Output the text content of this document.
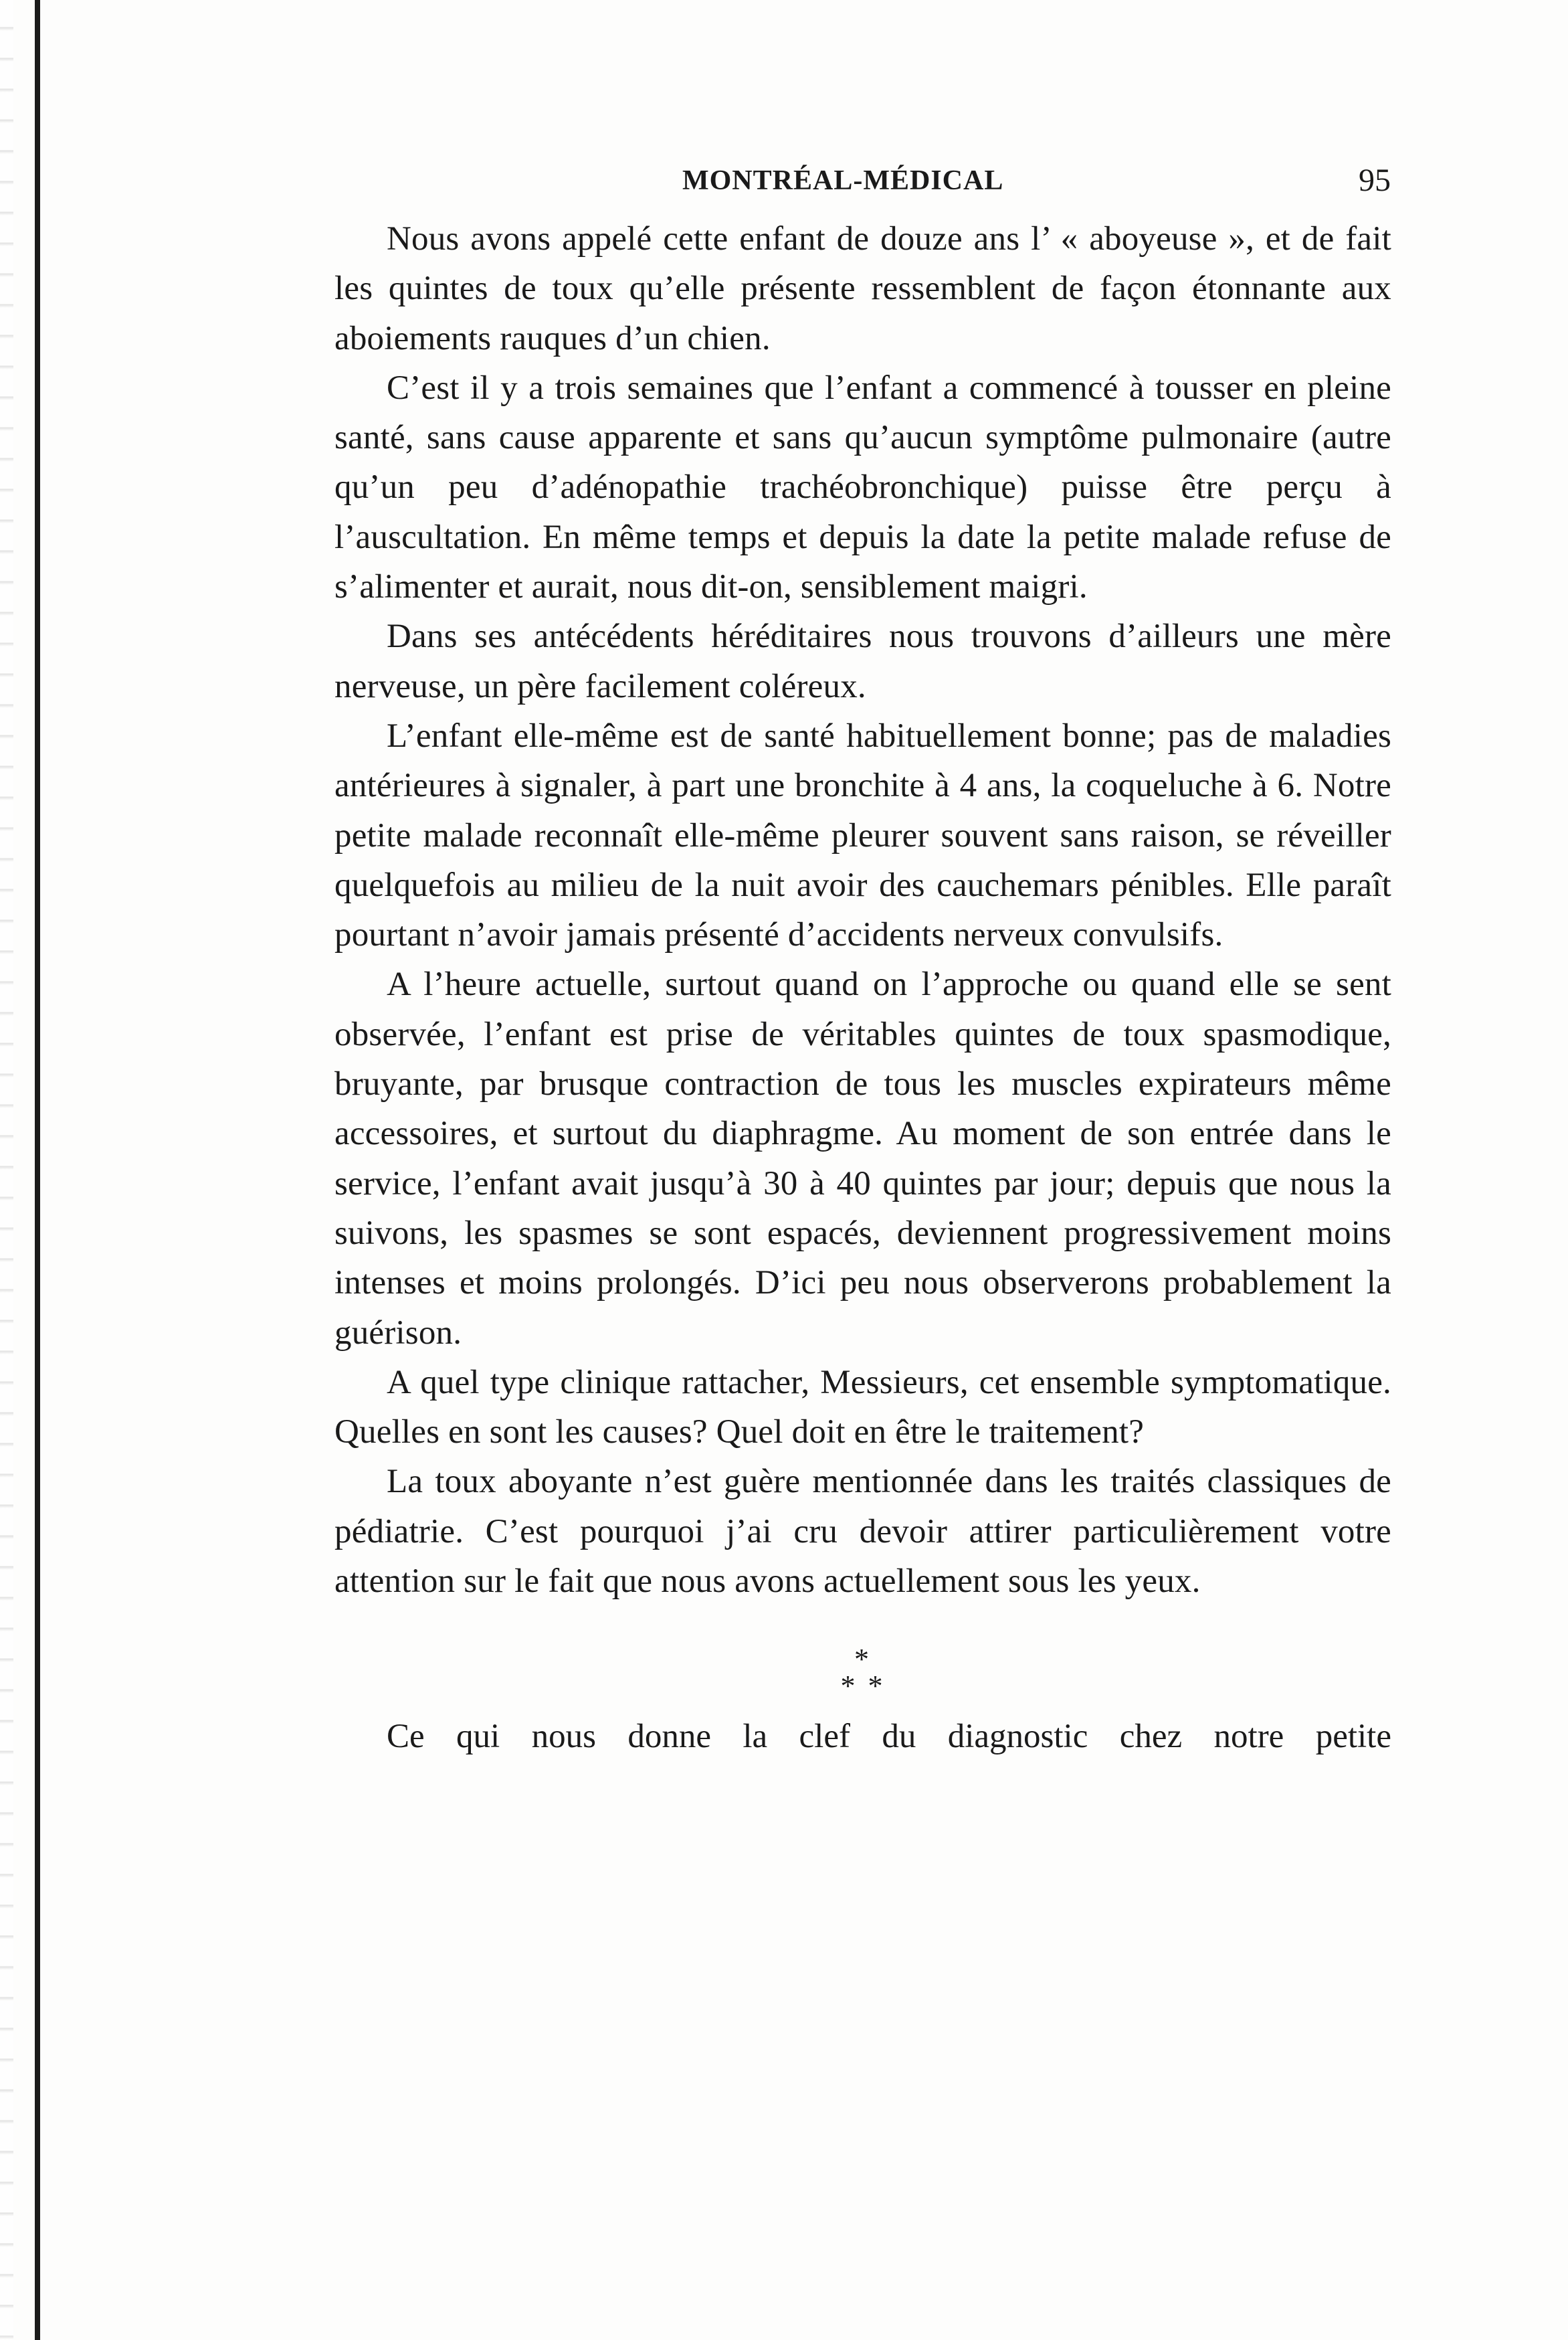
MONTRÉAL-MÉDICAL	95

Nous avons appelé cette enfant de douze ans l’ « aboyeuse », et de fait les quintes de toux qu’elle présente ressemblent de façon étonnante aux aboiements rauques d’un chien.

C’est il y a trois semaines que l’enfant a commencé à tousser en pleine santé, sans cause apparente et sans qu’aucun symptôme pulmonaire (autre qu’un peu d’adénopathie trachéobronchique) puisse être perçu à l’auscultation. En même temps et depuis la date la petite malade refuse de s’alimenter et aurait, nous dit-on, sensiblement maigri.

Dans ses antécédents héréditaires nous trouvons d’ailleurs une mère nerveuse, un père facilement coléreux.

L’enfant elle-même est de santé habituellement bonne; pas de maladies antérieures à signaler, à part une bronchite à 4 ans, la coqueluche à 6. Notre petite malade reconnaît elle-même pleurer souvent sans raison, se réveiller quelquefois au milieu de la nuit avoir des cauchemars pénibles. Elle paraît pourtant n’avoir jamais présenté d’accidents nerveux convulsifs.

A l’heure actuelle, surtout quand on l’approche ou quand elle se sent observée, l’enfant est prise de véritables quintes de toux spasmodique, bruyante, par brusque contraction de tous les muscles expirateurs même accessoires, et surtout du diaphragme. Au moment de son entrée dans le service, l’enfant avait jusqu’à 30 à 40 quintes par jour; depuis que nous la suivons, les spasmes se sont espacés, deviennent progressivement moins intenses et moins prolongés. D’ici peu nous observerons probablement la guérison.

A quel type clinique rattacher, Messieurs, cet ensemble symptomatique. Quelles en sont les causes? Quel doit en être le traitement?

La toux aboyante n’est guère mentionnée dans les traités classiques de pédiatrie. C’est pourquoi j’ai cru devoir attirer particulièrement votre attention sur le fait que nous avons actuellement sous les yeux.

*
* *

Ce qui nous donne la clef du diagnostic chez notre petite
